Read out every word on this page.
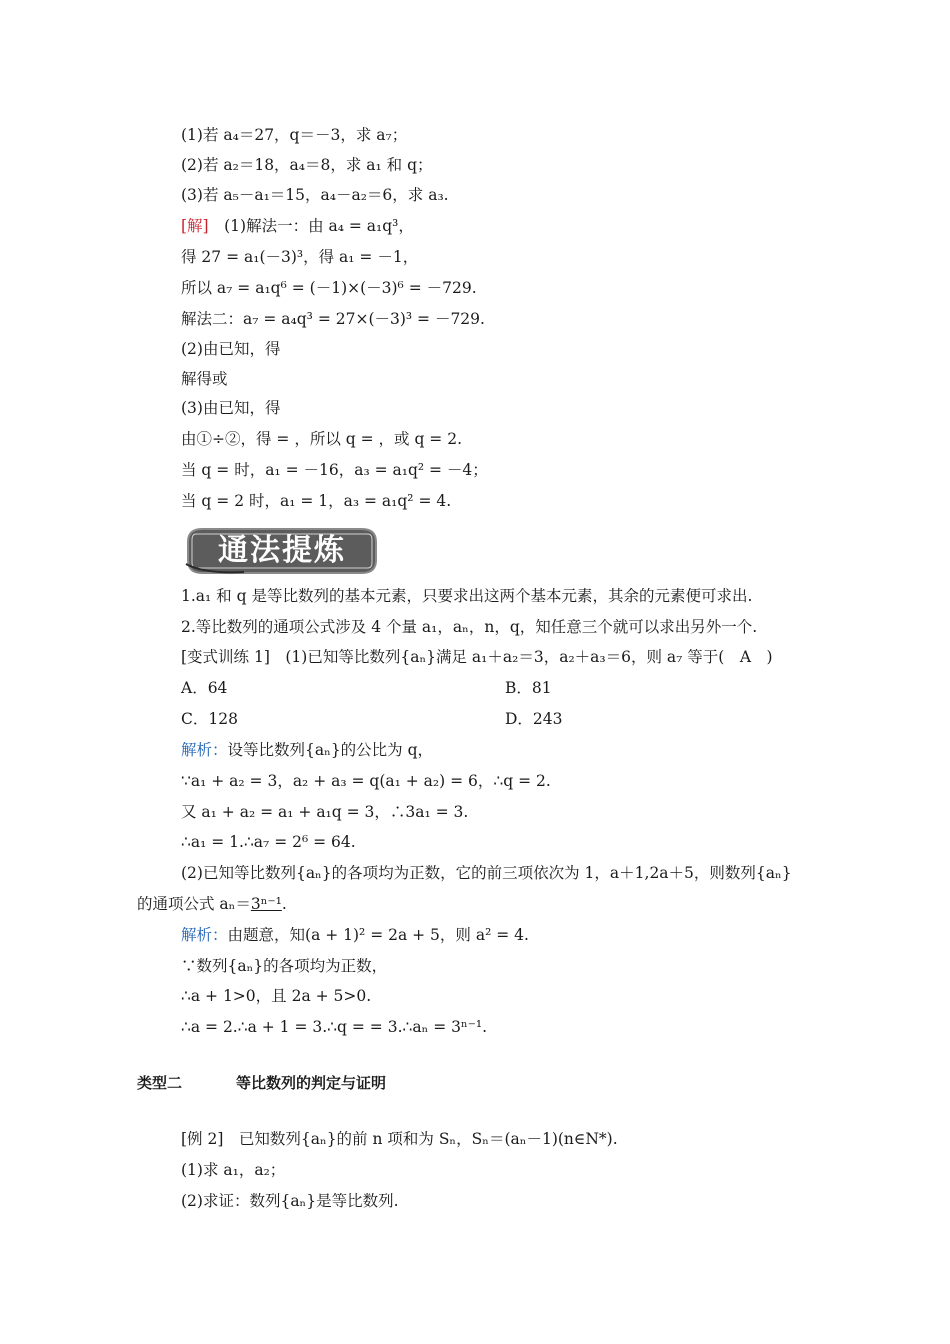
(1)若 a₄＝27，q＝－3，求 a₇；
(2)若 a₂＝18，a₄＝8，求 a₁ 和 q；
(3)若 a₅－a₁＝15，a₄－a₂＝6，求 a₃.
[解]　 (1)解法一：由 a₄ = a₁q³，
得 27 = a₁(－3)³，得 a₁ = －1，
所以 a₇ = a₁q⁶ = (－1)×(－3)⁶ = －729.
解法二：a₇ = a₄q³ = 27×(－3)³ = －729.
(2)由已知，得
解得或
(3)由已知，得
由①÷②，得 = ，所以 q = ，或 q = 2.
当 q = 时，a₁ = －16，a₃ = a₁q² = －4；
当 q = 2 时，a₁ = 1，a₃ = a₁q² = 4.
通法提炼
1.a₁ 和 q 是等比数列的基本元素，只要求出这两个基本元素，其余的元素便可求出.
2.等比数列的通项公式涉及 4 个量 a₁，aₙ，n，q，知任意三个就可以求出另外一个.
[变式训练 1]　(1)已知等比数列{aₙ}满足 a₁＋a₂＝3，a₂＋a₃＝6，则 a₇ 等于(　A　)
A．64	B．81
C．128	D．243
解析：设等比数列{aₙ}的公比为 q，
∵a₁ + a₂ = 3，a₂ + a₃ = q(a₁ + a₂) = 6，∴q = 2.
又 a₁ + a₂ = a₁ + a₁q = 3，∴3a₁ = 3.
∴a₁ = 1.∴a₇ = 2⁶ = 64.
(2)已知等比数列{aₙ}的各项均为正数，它的前三项依次为 1，a＋1,2a＋5，则数列{aₙ}
的通项公式 aₙ＝3ⁿ⁻¹.
解析：由题意，知(a + 1)² = 2a + 5，则 a² = 4.
∵数列{aₙ}的各项均为正数，
∴a + 1>0，且 2a + 5>0.
∴a = 2.∴a + 1 = 3.∴q = = 3.∴aₙ = 3ⁿ⁻¹.
类型二	等比数列的判定与证明
[例 2]　已知数列{aₙ}的前 n 项和为 Sₙ，Sₙ＝(aₙ－1)(n∈N*).
(1)求 a₁，a₂；
(2)求证：数列{aₙ}是等比数列.
